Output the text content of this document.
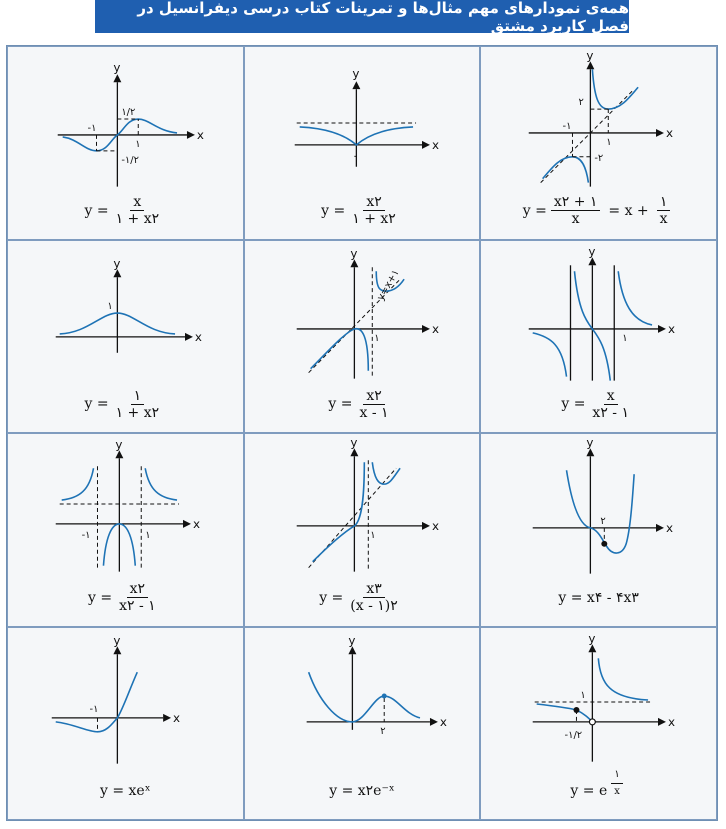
همه‌ی نمودارهای مهم مثال‌ها و تمرینات کتاب درسی دیفرانسیل در فصل کاربرد مشتق
x
y
-۱
۱
۱/۲
-۱/۲
$y = \frac{x}{۱ + x۲}$
x
y
۰
$y = \frac{x۲}{۱ + x۲}$
x
y
۲
-۱
۱
-۲
$y = \frac{x۲ + ۱}{x} = x + \frac{۱}{x}$
x
y
۱
$y = \frac{۱}{۱ + x۲}$
x
y
۱
y=x+۱
$y = \frac{x۲}{x - ۱}$
x
y
۱
$y = \frac{x}{x۲ - ۱}$
x
y
-۱	۱
$y = \frac{x۲}{x۲ - ۱}$
x
y
۱
$y = \frac{x۳}{(x - ۱)۲}$
x
y
۲
y = x۴ - ۴x۳
x
y
-۱
y = xeˣ
x
y
۲
y = x۲e⁻ˣ
x
y
۱
-۱/۲
y = e $\frac{۱}{x}$
